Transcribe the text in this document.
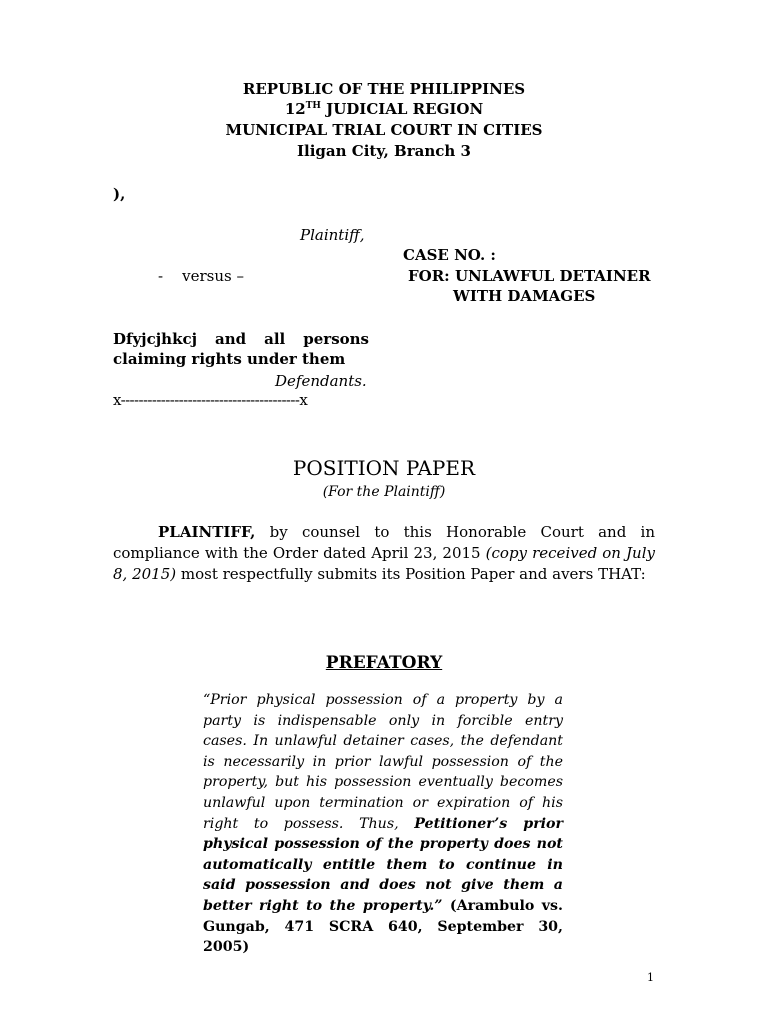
REPUBLIC OF THE PHILIPPINES
12TH JUDICIAL REGION
MUNICIPAL TRIAL COURT IN CITIES
Iligan City, Branch 3
),
Plaintiff,
CASE NO. :
-    versus –	FOR: UNLAWFUL DETAINER
WITH DAMAGES
Dfyjcjhkcj and all persons
claiming rights under them
Defendants.
x----------------------------------------x
POSITION PAPER
(For the Plaintiff)
PLAINTIFF, by counsel to this Honorable Court and in compliance with the Order dated April 23, 2015 (copy received on July 8, 2015) most respectfully submits its Position Paper and avers THAT:
PREFATORY
“Prior physical possession of a property by a party is indispensable only in forcible entry cases. In unlawful detainer cases, the defendant is necessarily in prior lawful possession of the property, but his possession eventually becomes unlawful upon termination or expiration of his right to possess. Thus, Petitioner’s prior physical possession of the property does not automatically entitle them to continue in said possession and does not give them a better right to the property.” (Arambulo vs. Gungab, 471 SCRA 640, September 30, 2005)
1
